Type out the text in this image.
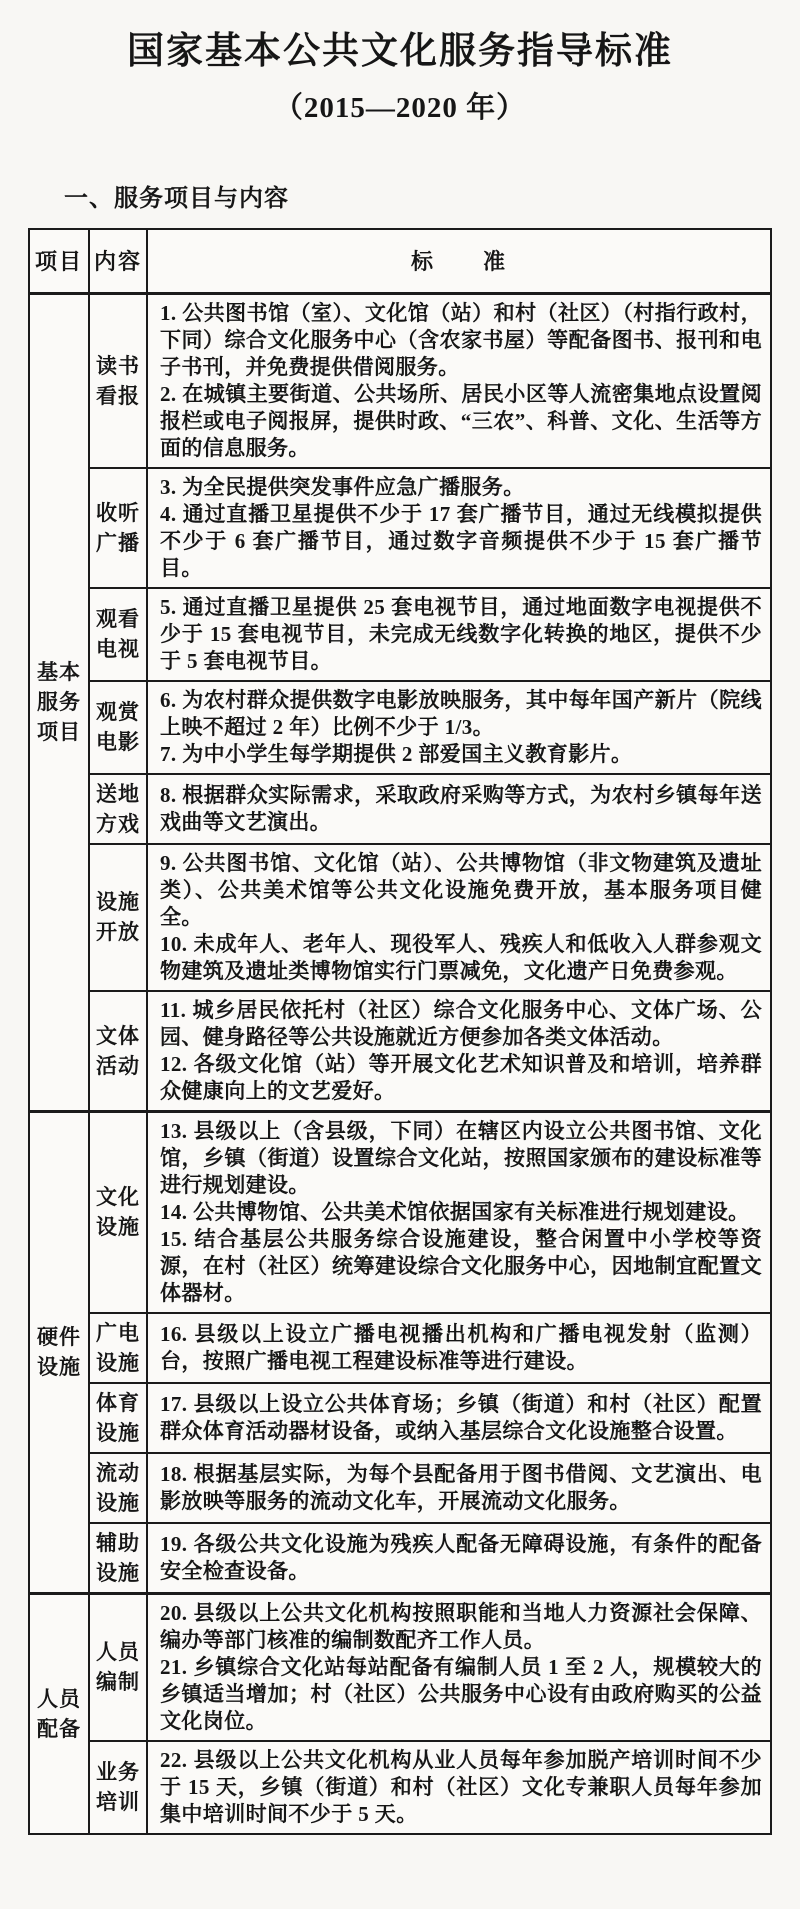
国家基本公共文化服务指导标准
（2015—2020 年）
一、服务项目与内容
项目	内容	标　　准
基本服务项目	读书看报	1. 公共图书馆（室）、文化馆（站）和村（社区）（村指行政村，下同）综合文化服务中心（含农家书屋）等配备图书、报刊和电子书刊，并免费提供借阅服务。

2. 在城镇主要街道、公共场所、居民小区等人流密集地点设置阅报栏或电子阅报屏，提供时政、“三农”、科普、文化、生活等方面的信息服务。

	收听广播	3. 为全民提供突发事件应急广播服务。

4. 通过直播卫星提供不少于 17 套广播节目，通过无线模拟提供不少于 6 套广播节目，通过数字音频提供不少于 15 套广播节目。

	观看电视	5. 通过直播卫星提供 25 套电视节目，通过地面数字电视提供不少于 15 套电视节目，未完成无线数字化转换的地区，提供不少于 5 套电视节目。

	观赏电影	6. 为农村群众提供数字电影放映服务，其中每年国产新片（院线上映不超过 2 年）比例不少于 1/3。

7. 为中小学生每学期提供 2 部爱国主义教育影片。

	送地方戏	8. 根据群众实际需求，采取政府采购等方式，为农村乡镇每年送戏曲等文艺演出。

	设施开放	9. 公共图书馆、文化馆（站）、公共博物馆（非文物建筑及遗址类）、公共美术馆等公共文化设施免费开放，基本服务项目健全。

10. 未成年人、老年人、现役军人、残疾人和低收入人群参观文物建筑及遗址类博物馆实行门票减免，文化遗产日免费参观。

	文体活动	11. 城乡居民依托村（社区）综合文化服务中心、文体广场、公园、健身路径等公共设施就近方便参加各类文体活动。

12. 各级文化馆（站）等开展文化艺术知识普及和培训，培养群众健康向上的文艺爱好。

硬件设施	文化设施	13. 县级以上（含县级，下同）在辖区内设立公共图书馆、文化馆，乡镇（街道）设置综合文化站，按照国家颁布的建设标准等进行规划建设。

14. 公共博物馆、公共美术馆依据国家有关标准进行规划建设。

15. 结合基层公共服务综合设施建设，整合闲置中小学校等资源，在村（社区）统筹建设综合文化服务中心，因地制宜配置文体器材。

	广电设施	16. 县级以上设立广播电视播出机构和广播电视发射（监测）台，按照广播电视工程建设标准等进行建设。

	体育设施	17. 县级以上设立公共体育场；乡镇（街道）和村（社区）配置群众体育活动器材设备，或纳入基层综合文化设施整合设置。

	流动设施	18. 根据基层实际，为每个县配备用于图书借阅、文艺演出、电影放映等服务的流动文化车，开展流动文化服务。

	辅助设施	19. 各级公共文化设施为残疾人配备无障碍设施，有条件的配备安全检查设备。

人员配备	人员编制	20. 县级以上公共文化机构按照职能和当地人力资源社会保障、编办等部门核准的编制数配齐工作人员。

21. 乡镇综合文化站每站配备有编制人员 1 至 2 人，规模较大的乡镇适当增加；村（社区）公共服务中心设有由政府购买的公益文化岗位。

	业务培训	22. 县级以上公共文化机构从业人员每年参加脱产培训时间不少于 15 天，乡镇（街道）和村（社区）文化专兼职人员每年参加集中培训时间不少于 5 天。
